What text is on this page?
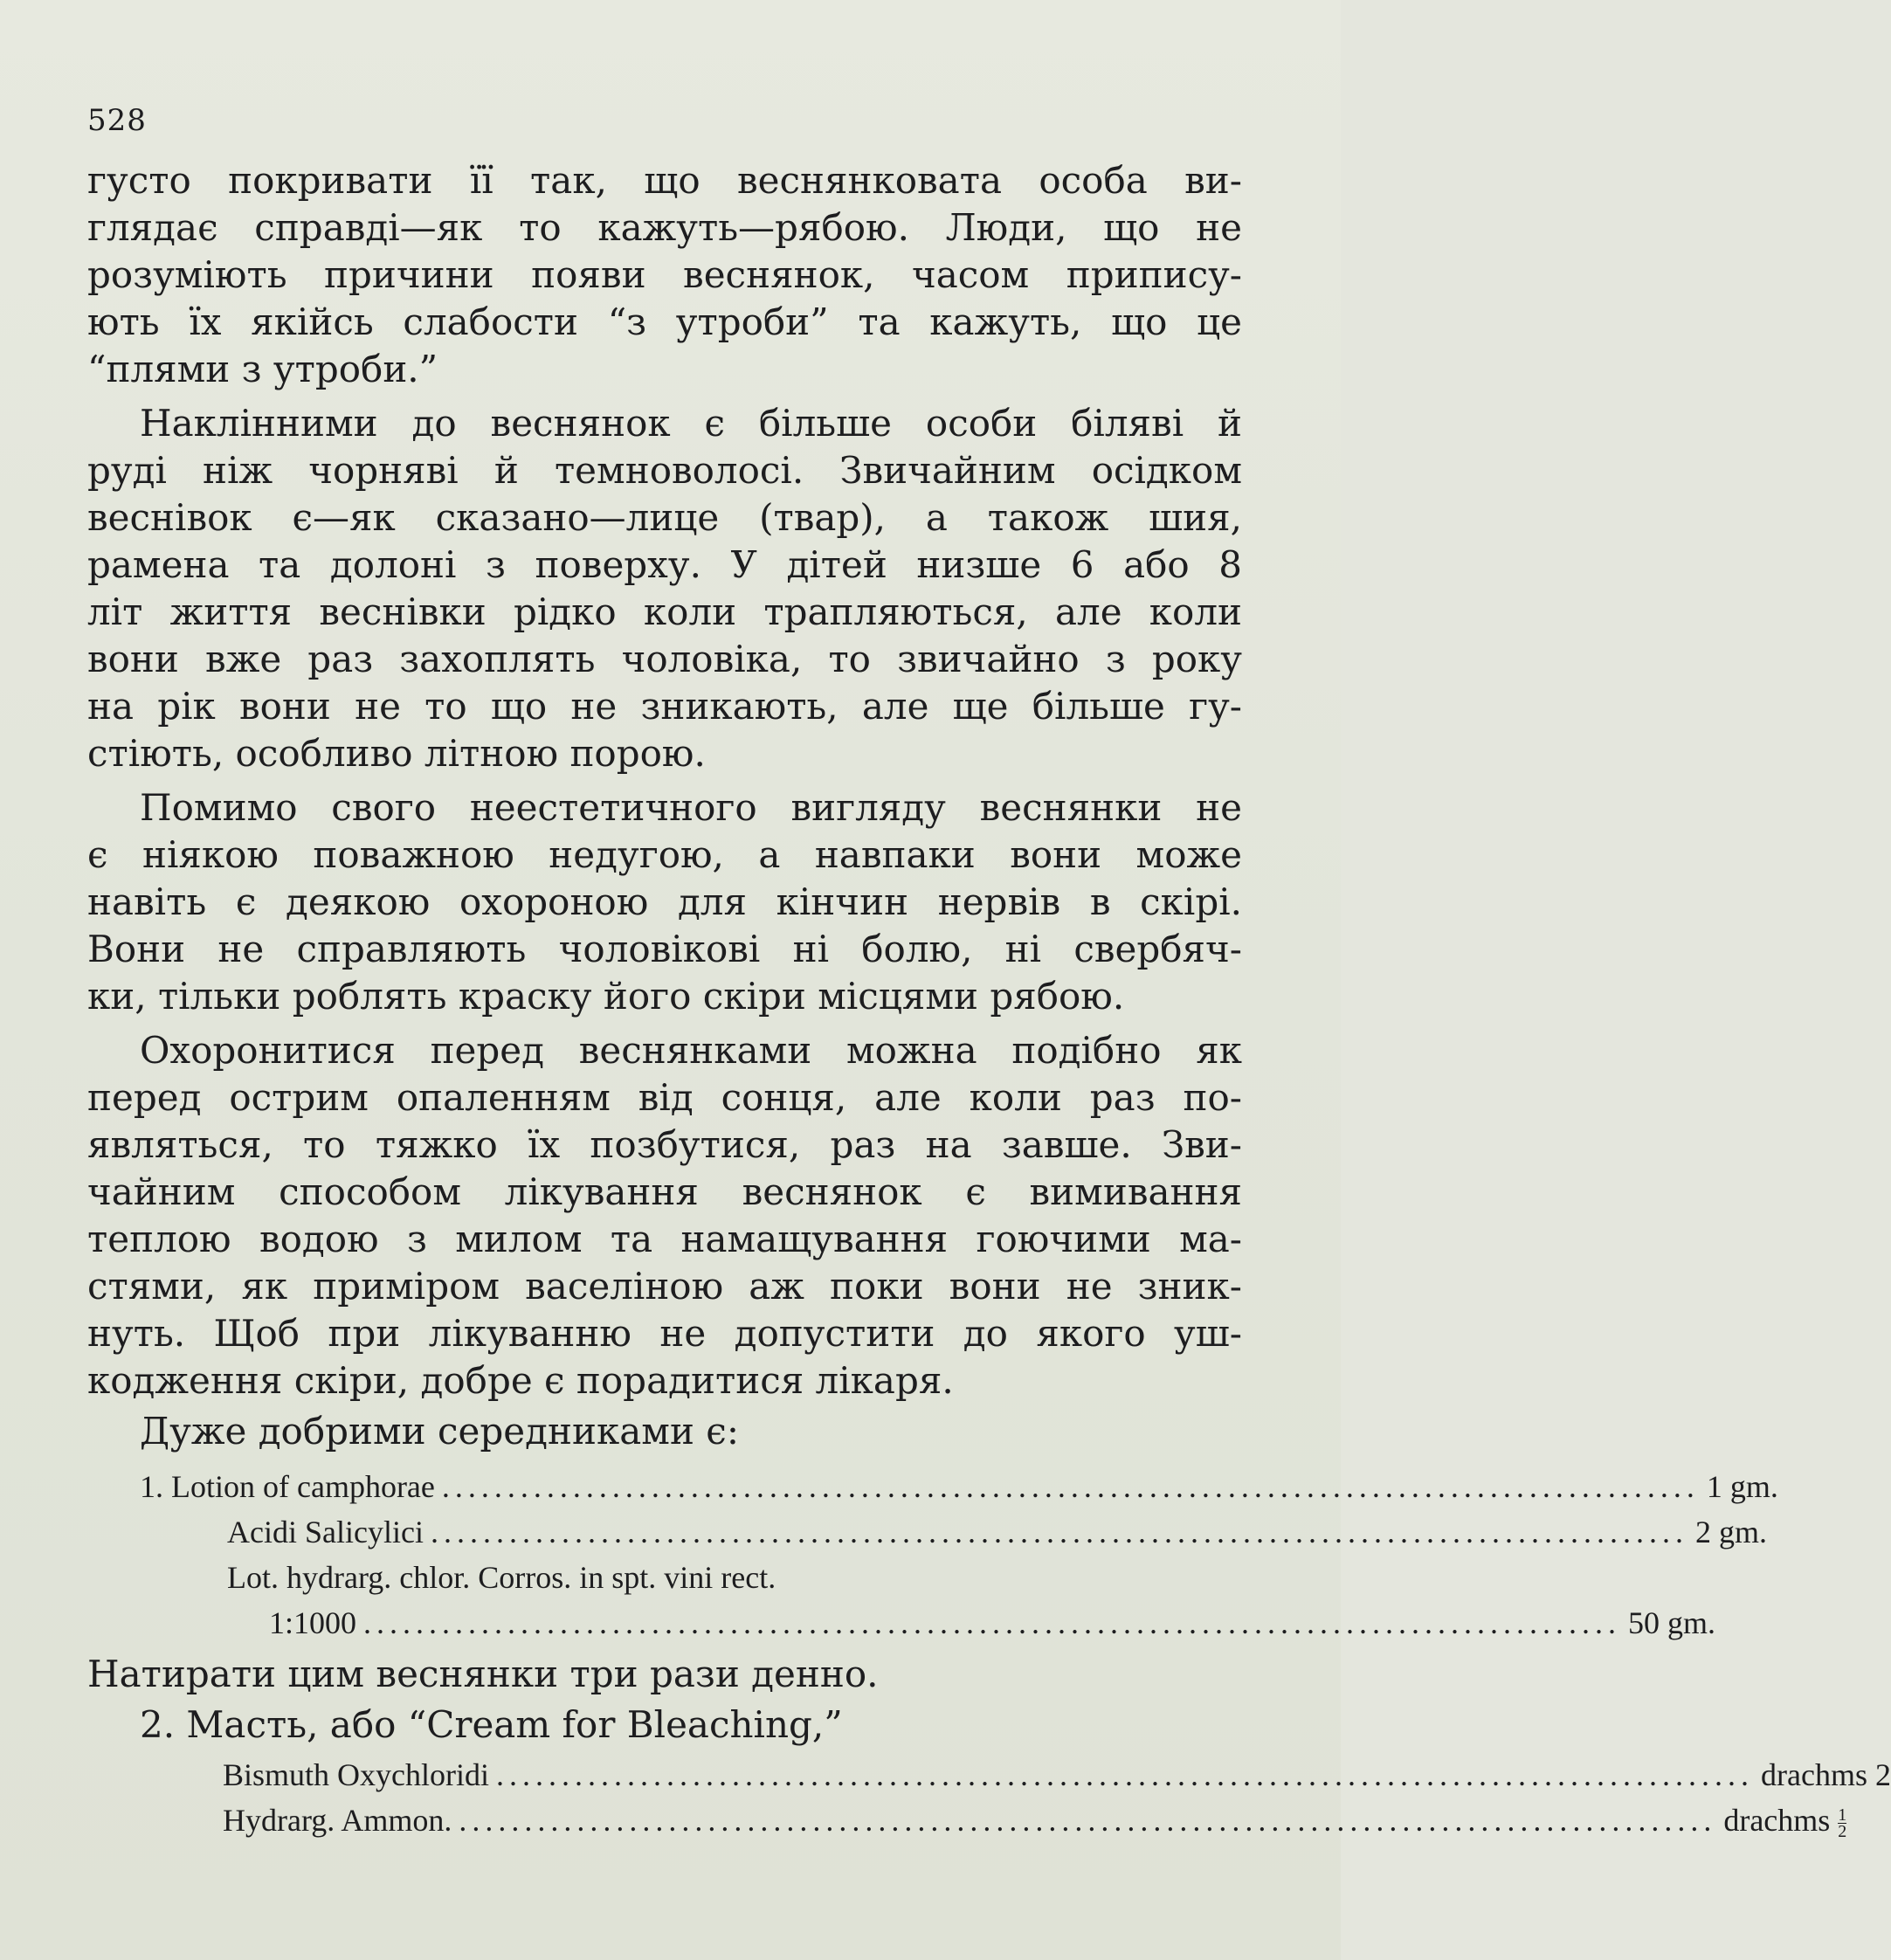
528
густо покривати її так, що веснянковата особа ви-
глядає справді—як то кажуть—рябою. Люди, що не
розуміють причини появи веснянок, часом припису-
ють їх якійсь слабости “з утроби” та кажуть, що це
“плями з утроби.”
Наклінними до веснянок є більше особи біляві й
руді ніж чорняві й темноволосі. Звичайним осідком
веснівок є—як сказано—лице (твар), а також шия,
рамена та долоні з поверху. У дітей низше 6 або 8
літ життя веснівки рідко коли трапляються, але коли
вони вже раз захоплять чоловіка, то звичайно з року
на рік вони не то що не зникають, але ще більше гу-
стіють, особливо літною порою.
Помимо свого неестетичного вигляду веснянки не
є ніякою поважною недугою, а навпаки вони може
навіть є деякою охороною для кінчин нервів в скірі.
Вони не справляють чоловікові ні болю, ні свербяч-
ки, тільки роблять краску його скіри місцями рябою.
Охоронитися перед веснянками можна подібно як
перед острим опаленням від сонця, але коли раз по-
являться, то тяжко їх позбутися, раз на завше. Зви-
чайним способом лікування веснянок є вимивання
теплою водою з милом та намащування гоючими ма-
стями, як приміром васеліною аж поки вони не зник-
нуть. Щоб при лікуванню не допустити до якого уш-
кодження скіри, добре є порадитися лікаря.
Дуже добрими середниками є:
1. Lotion of camphorae ................................................................................................ 1 gm.
Acidi Salicylici ................................................................................................ 2 gm.
Lot. hydrarg. chlor. Corros. in spt. vini rect.
1:1000 ................................................................................................ 50 gm.
Натирати цим веснянки три рази денно.
2. Масть, або “Cream for Bleaching,”
Bismuth Oxychloridi ................................................................................................ drachms 2
Hydrarg. Ammon. ................................................................................................ drachms $\frac{1}{2}$
